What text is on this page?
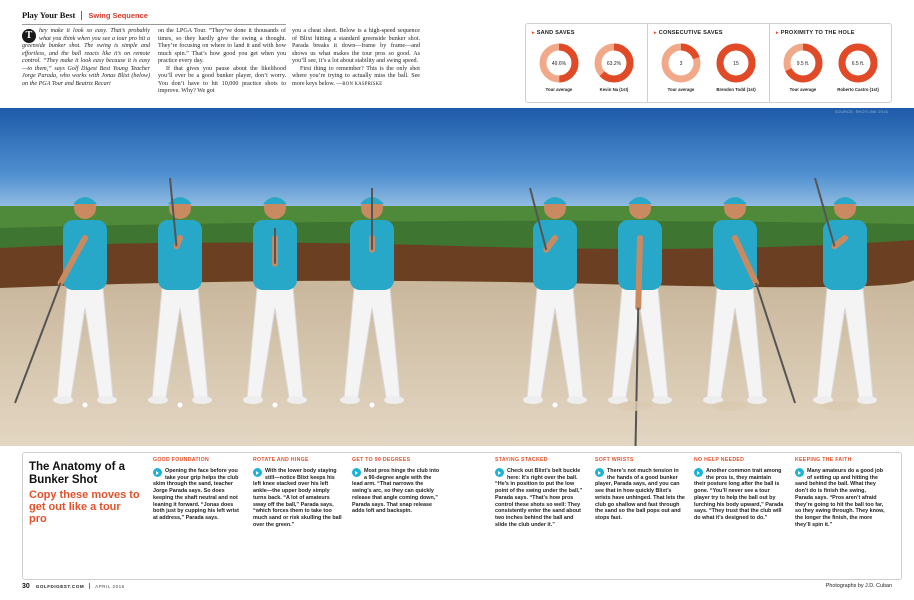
Play Your Best Swing Sequence

T	hey make it look so easy. That’s probably what you think when you see a tour pro hit a greenside bunker shot. The swing is simple and effortless, and the ball reacts like it’s on remote control. “They make it look easy because it is easy—to them,” says Golf Digest Best Young Teacher Jorge Parada, who works with Jonas Blixt (below) on the PGA Tour and Beatriz Recari

on the LPGA Tour. “They’ve done it thousands of times, so they hardly give the swing a thought. They’re focusing on where to land it and with how much spin.” That’s how good you get when you practice every day.

If that gives you pause about the likelihood you’ll ever be a good bunker player, don’t worry. You don’t have to hit 10,000 practice shots to improve. Why? We got

you a cheat sheet. Below is a high-speed sequence of Blixt hitting a standard greenside bunker shot. Parada breaks it down—frame by frame—and shows us what makes the tour pros so good. As you’ll see, it’s a lot about stability and swing speed.

First thing to remember? This is the only shot where you’re trying to actually miss the ball. See more keys below. —RON KASPRISKE

▸ SAND SAVES
49.6%
Tour average
63.2%
Kevin Na (1st)
▸ CONSECUTIVE SAVES
3
Tour average
15
Brendon Todd (1st)
▸ PROXIMITY TO THE HOLE
9.5 ft.
Tour average
6.5 ft.
Roberto Castro (1st)
SOURCE: SHOTLINK 2016
The Anatomy of a Bunker Shot
Copy these moves to get out like a tour pro
GOOD FOUNDATION
Opening the face before you take your grip helps the club skim through the sand, teacher Jorge Parada says. So does keeping the shaft neutral and not leaning it forward. “Jonas does both just by cupping his left wrist at address,” Parada says.
ROTATE AND HINGE
With the lower body staying still—notice Blixt keeps his left knee stacked over his left ankle—the upper body simply turns back. “A lot of amateurs sway off the ball,” Parada says, “which forces them to take too much sand or risk skulling the ball over the green.”
GET TO 90 DEGREES
Most pros hinge the club into a 90-degree angle with the lead arm. “That narrows the swing’s arc, so they can quickly release that angle coming down,” Parada says. That snap release adds loft and backspin.
STAYING STACKED
Check out Blixt’s belt buckle here: It’s right over the ball. “He’s in position to put the low point of the swing under the ball,” Parada says. “That’s how pros control these shots so well: They consistently enter the sand about two inches behind the ball and slide the club under it.”
SOFT WRISTS
There’s not much tension in the hands of a good bunker player, Parada says, and you can see that in how quickly Blixt’s wrists have unhinged. That lets the club go shallow and fast through the sand so the ball pops out and stops fast.
NO HELP NEEDED
Another common trait among the pros is, they maintain their posture long after the ball is gone. “You’ll never see a tour player try to help the ball out by lurching his body upward,” Parada says. “They trust that the club will do what it’s designed to do.”
KEEPING THE FAITH
Many amateurs do a good job of setting up and hitting the sand behind the ball. What they don’t do is finish the swing, Parada says. “Pros aren’t afraid they’re going to hit the ball too far, so they swing through. They know, the longer the finish, the more they’ll spin it.”
30 GOLFDIGEST.COM APRIL 2016	Photographs by J.D. Cuban
